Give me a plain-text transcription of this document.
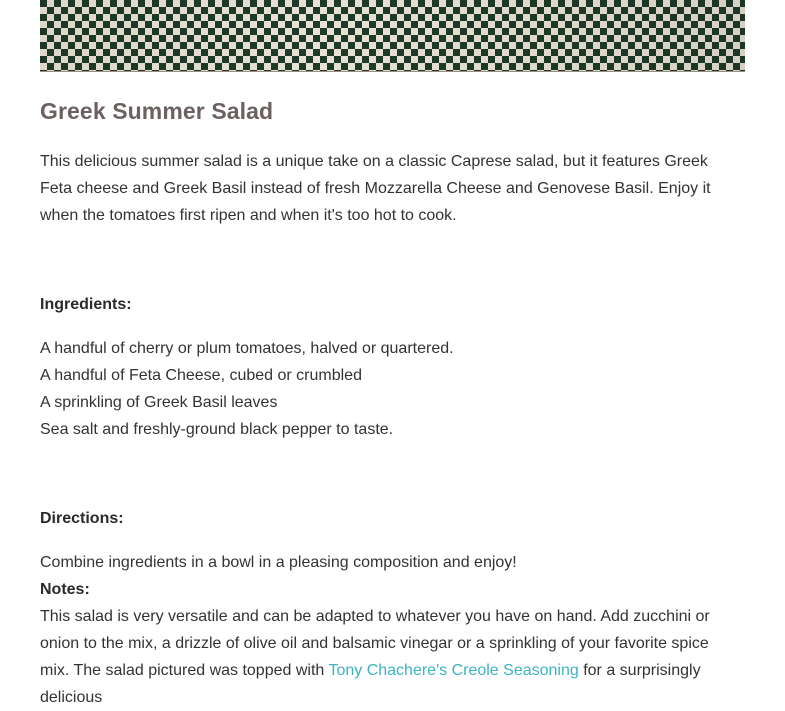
Greek Summer Salad

This delicious summer salad is a unique take on a classic Caprese salad, but it features Greek Feta cheese and Greek Basil instead of fresh Mozzarella Cheese and Genovese Basil. Enjoy it when the tomatoes first ripen and when it's too hot to cook.

Ingredients:

A handful of cherry or plum tomatoes, halved or quartered.
A handful of Feta Cheese, cubed or crumbled
A sprinkling of Greek Basil leaves
Sea salt and freshly-ground black pepper to taste.

Directions:

Combine ingredients in a bowl in a pleasing composition and enjoy!

Notes:

This salad is very versatile and can be adapted to whatever you have on hand. Add zucchini or onion to the mix, a drizzle of olive oil and balsamic vinegar or a sprinkling of your favorite spice mix. The salad pictured was topped with Tony Chachere's Creole Seasoning for a surprisingly delicious
